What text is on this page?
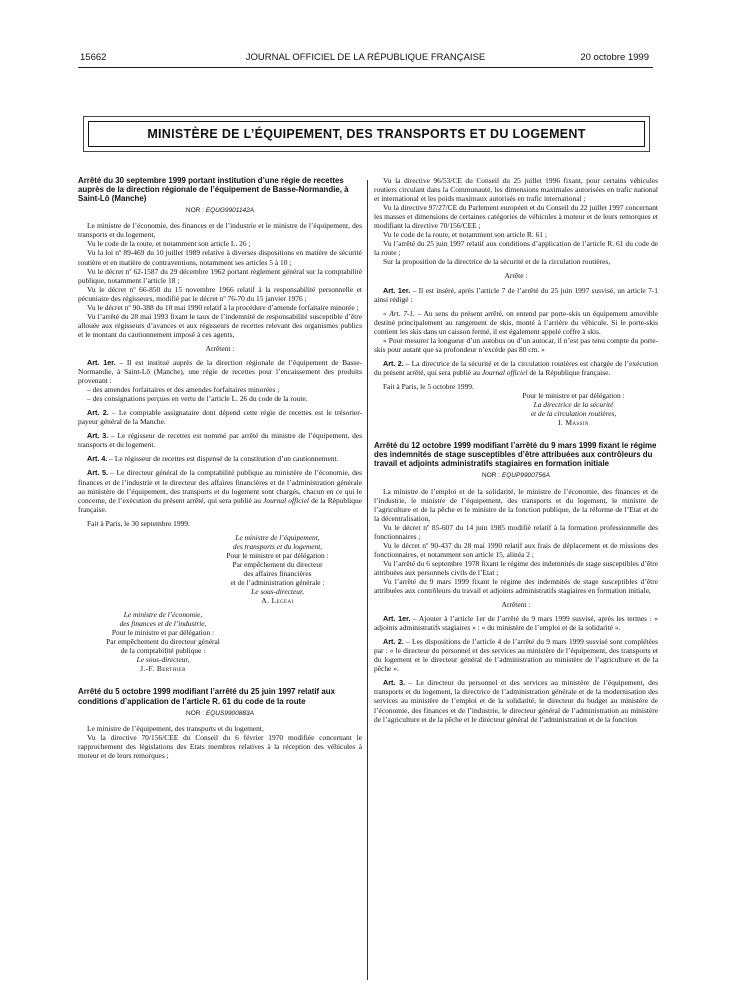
15662	JOURNAL OFFICIEL DE LA RÉPUBLIQUE FRANÇAISE	20 octobre 1999
MINISTÈRE DE L’ÉQUIPEMENT, DES TRANSPORTS ET DU LOGEMENT
Arrêté du 30 septembre 1999 portant institution d’une régie de recettes auprès de la direction régionale de l’équipement de Basse-Normandie, à Saint-Lô (Manche)
NOR : EQUG9901142A

Le ministre de l’économie, des finances et de l’industrie et le ministre de l’équipement, des transports et du logement,

Vu le code de la route, et notamment son article L. 26 ;

Vu la loi nº 89-469 du 10 juillet 1989 relative à diverses dispositions en matière de sécurité routière et en matière de contraventions, notamment ses articles 5 à 10 ;

Vu le décret nº 62-1587 du 29 décembre 1962 portant règlement général sur la comptabilité publique, notamment l’article 18 ;

Vu le décret nº 66-850 du 15 novembre 1966 relatif à la responsabilité personnelle et pécuniaire des régisseurs, modifié par le décret nº 76-70 du 15 janvier 1976 ;

Vu le décret nº 90-388 du 10 mai 1990 relatif à la procédure d’amende forfaitaire minorée ;

Vu l’arrêté du 28 mai 1993 fixant le taux de l’indemnité de responsabilité susceptible d’être allouée aux régisseurs d’avances et aux régisseurs de recettes relevant des organismes publics et le montant du cautionnement imposé à ces agents,

Arrêtent :

Art. 1er. – Il est institué auprès de la direction régionale de l’équipement de Basse-Normandie, à Saint-Lô (Manche), une régie de recettes pour l’encaissement des produits provenant :

– des amendes forfaitaires et des amendes forfaitaires minorées ;

– des consignations perçues en vertu de l’article L. 26 du code de la route.

Art. 2. – Le comptable assignataire dont dépend cette régie de recettes est le trésorier-payeur général de la Manche.

Art. 3. – Le régisseur de recettes est nommé par arrêté du ministre de l’équipement, des transports et du logement.

Art. 4. – Le régisseur de recettes est dispensé de la constitution d’un cautionnement.

Art. 5. – Le directeur général de la comptabilité publique au ministère de l’économie, des finances et de l’industrie et le directeur des affaires financières et de l’administration générale au ministère de l’équipement, des transports et du logement sont chargés, chacun en ce qui le concerne, de l’exécution du présent arrêté, qui sera publié au Journal officiel de la République française.

Fait à Paris, le 30 septembre 1999.

Le ministre de l’équipement,

des transports et du logement,

Pour le ministre et par délégation :

Par empêchement du directeur

des affaires financières

et de l’administration générale :

Le sous-directeur,

A. Legeai

Le ministre de l’économie,

des finances et de l’industrie,

Pour le ministre et par délégation :

Par empêchement du directeur général

de la comptabilité publique :

Le sous-directeur,

J.-F. Berthier

Arrêté du 5 octobre 1999 modifiant l’arrêté du 25 juin 1997 relatif aux conditions d’application de l’article R. 61 du code de la route
NOR : EQUS9900883A

Le ministre de l’équipement, des transports et du logement,

Vu la directive 70/156/CEE du Conseil du 6 février 1970 modifiée concernant le rapprochement des législations des Etats membres relatives à la réception des véhicules à moteur et de leurs remorques ;

Vu la directive 96/53/CE du Conseil du 25 juillet 1996 fixant, pour certains véhicules routiers circulant dans la Communauté, les dimensions maximales autorisées en trafic national et international et les poids maximaux autorisés en trafic international ;

Vu la directive 97/27/CE du Parlement européen et du Conseil du 22 juillet 1997 concernant les masses et dimensions de certaines catégories de véhicules à moteur et de leurs remorques et modifiant la directive 70/156/CEE ;

Vu le code de la route, et notamment son article R. 61 ;

Vu l’arrêté du 25 juin 1997 relatif aux conditions d’application de l’article R. 61 du code de la route ;

Sur la proposition de la directrice de la sécurité et de la circulation routières,

Arrête :

Art. 1er. – Il est inséré, après l’article 7 de l’arrêté du 25 juin 1997 susvisé, un article 7-1 ainsi rédigé :

« Art. 7-1. – Au sens du présent arrêté, on entend par porte-skis un équipement amovible destiné principalement au rangement de skis, monté à l’arrière du véhicule. Si le porte-skis contient les skis dans un caisson fermé, il est également appelé coffre à skis.

« Pour mesurer la longueur d’un autobus ou d’un autocar, il n’est pas tenu compte du porte-skis pour autant que sa profondeur n’excède pas 80 cm. »

Art. 2. – La directrice de la sécurité et de la circulation routières est chargée de l’exécution du présent arrêté, qui sera publié au Journal officiel de la République française.

Fait à Paris, le 5 octobre 1999.

Pour le ministre et par délégation :

La directrice de la sécurité

et de la circulation routières,

I. Massin

Arrêté du 12 octobre 1999 modifiant l’arrêté du 9 mars 1999 fixant le régime des indemnités de stage susceptibles d’être attribuées aux contrôleurs du travail et adjoints administratifs stagiaires en formation initiale
NOR : EQUP9900756A

La ministre de l’emploi et de la solidarité, le ministre de l’économie, des finances et de l’industrie, le ministre de l’équipement, des transports et du logement, le ministre de l’agriculture et de la pêche et le ministre de la fonction publique, de la réforme de l’Etat et de la décentralisation,

Vu le décret nº 85-607 du 14 juin 1985 modifié relatif à la formation professionnelle des fonctionnaires ;

Vu le décret nº 90-437 du 28 mai 1990 relatif aux frais de déplacement et de missions des fonctionnaires, et notamment son article 15, alinéa 2 ;

Vu l’arrêté du 6 septembre 1978 fixant le régime des indemnités de stage susceptibles d’être attribuées aux personnels civils de l’Etat ;

Vu l’arrêté du 9 mars 1999 fixant le régime des indemnités de stage susceptibles d’être attribuées aux contrôleurs du travail et adjoints administratifs stagiaires en formation initiale,

Arrêtent :

Art. 1er. – Ajouter à l’article 1er de l’arrêté du 9 mars 1999 susvisé, après les termes : « adjoints administratifs stagiaires » : « du ministère de l’emploi et de la solidarité ».

Art. 2. – Les dispositions de l’article 4 de l’arrêté du 9 mars 1999 susvisé sont complétées par : « le directeur du personnel et des services au ministère de l’équipement, des transports et du logement et le directeur général de l’administration au ministère de l’agriculture et de la pêche ».

Art. 3. – Le directeur du personnel et des services au ministère de l’équipement, des transports et du logement, la directrice de l’administration générale et de la modernisation des services au ministère de l’emploi et de la solidarité, le directeur du budget au ministère de l’économie, des finances et de l’industrie, le directeur général de l’administration au ministère de l’agriculture et de la pêche et le directeur général de l’administration et de la fonction
